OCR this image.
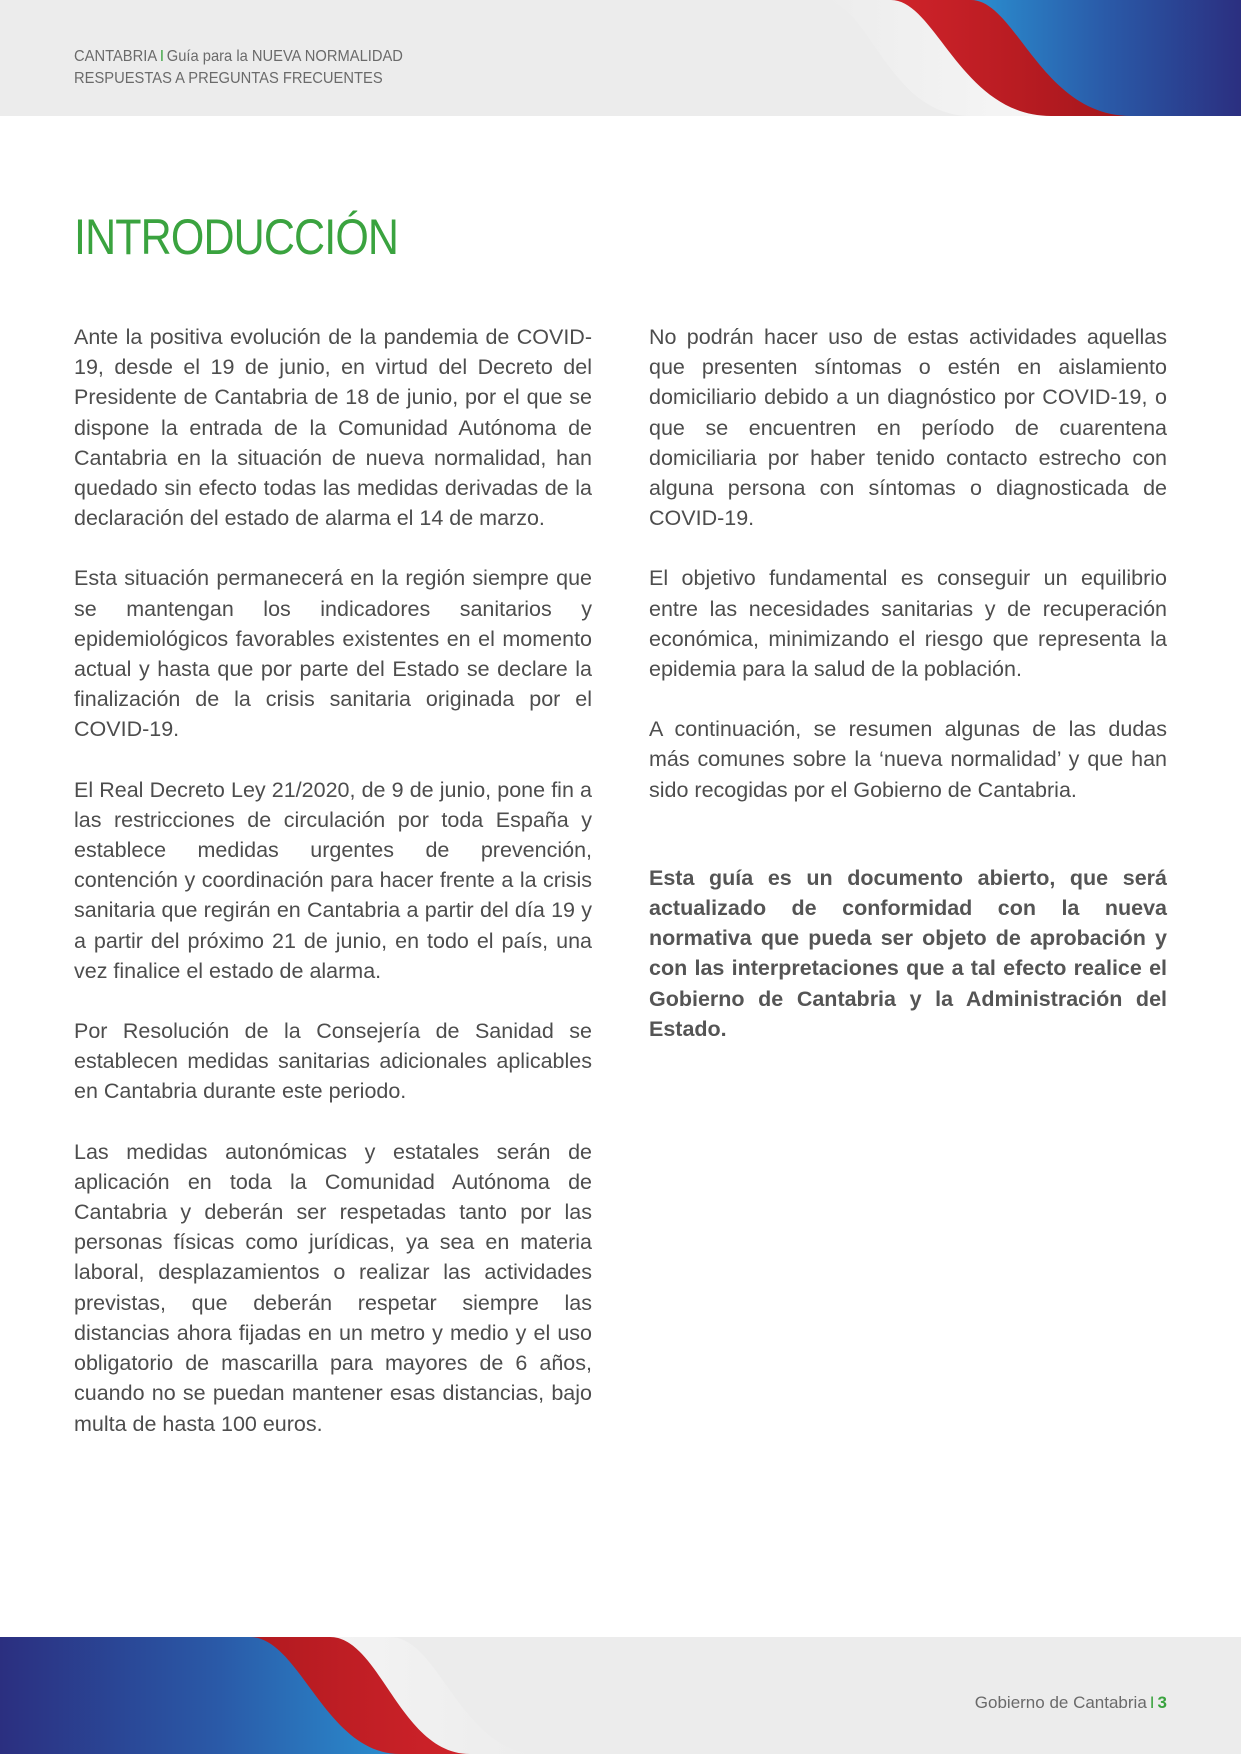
CANTABRIA I Guía para la NUEVA NORMALIDAD
RESPUESTAS A PREGUNTAS FRECUENTES
INTRODUCCIÓN

Ante la positiva evolución de la pandemia de COVID-19, desde el 19 de junio, en virtud del Decreto del Presidente de Cantabria de 18 de junio, por el que se dispone la entrada de la Comunidad Autónoma de Cantabria en la situación de nueva normalidad, han quedado sin efecto todas las medidas derivadas de la declaración del estado de alarma el 14 de marzo.

Esta situación permanecerá en la región siempre que se mantengan los indicadores sanitarios y epidemiológicos favorables existentes en el momento actual y hasta que por parte del Estado se declare la finalización de la crisis sanitaria originada por el COVID-19.

El Real Decreto Ley 21/2020, de 9 de junio, pone fin a las restricciones de circulación por toda España y establece medidas urgentes de prevención, contención y coordinación para hacer frente a la crisis sanitaria que regirán en Cantabria a partir del día 19 y a partir del próximo 21 de junio, en todo el país, una vez finalice el estado de alarma.

Por Resolución de la Consejería de Sanidad se establecen medidas sanitarias adicionales aplicables en Cantabria durante este periodo.

Las medidas autonómicas y estatales serán de aplicación en toda la Comunidad Autónoma de Cantabria y deberán ser respetadas tanto por las personas físicas como jurídicas, ya sea en materia laboral, desplazamientos o realizar las actividades previstas, que deberán respetar siempre las distancias ahora fijadas en un metro y medio y el uso obligatorio de mascarilla para mayores de 6 años, cuando no se puedan mantener esas distancias, bajo multa de hasta 100 euros.

No podrán hacer uso de estas actividades aquellas que presenten síntomas o estén en aislamiento domiciliario debido a un diagnóstico por COVID-19, o que se encuentren en período de cuarentena domiciliaria por haber tenido contacto estrecho con alguna persona con síntomas o diagnosticada de COVID-19.

El objetivo fundamental es conseguir un equilibrio entre las necesidades sanitarias y de recuperación económica, minimizando el riesgo que representa la epidemia para la salud de la población.

A continuación, se resumen algunas de las dudas más comunes sobre la ‘nueva normalidad’ y que han sido recogidas por el Gobierno de Cantabria.

Esta guía es un documento abierto, que será actualizado de conformidad con la nueva normativa que pueda ser objeto de aprobación y con las interpretaciones que a tal efecto realice el Gobierno de Cantabria y la Administración del Estado.

Gobierno de Cantabria I 3
